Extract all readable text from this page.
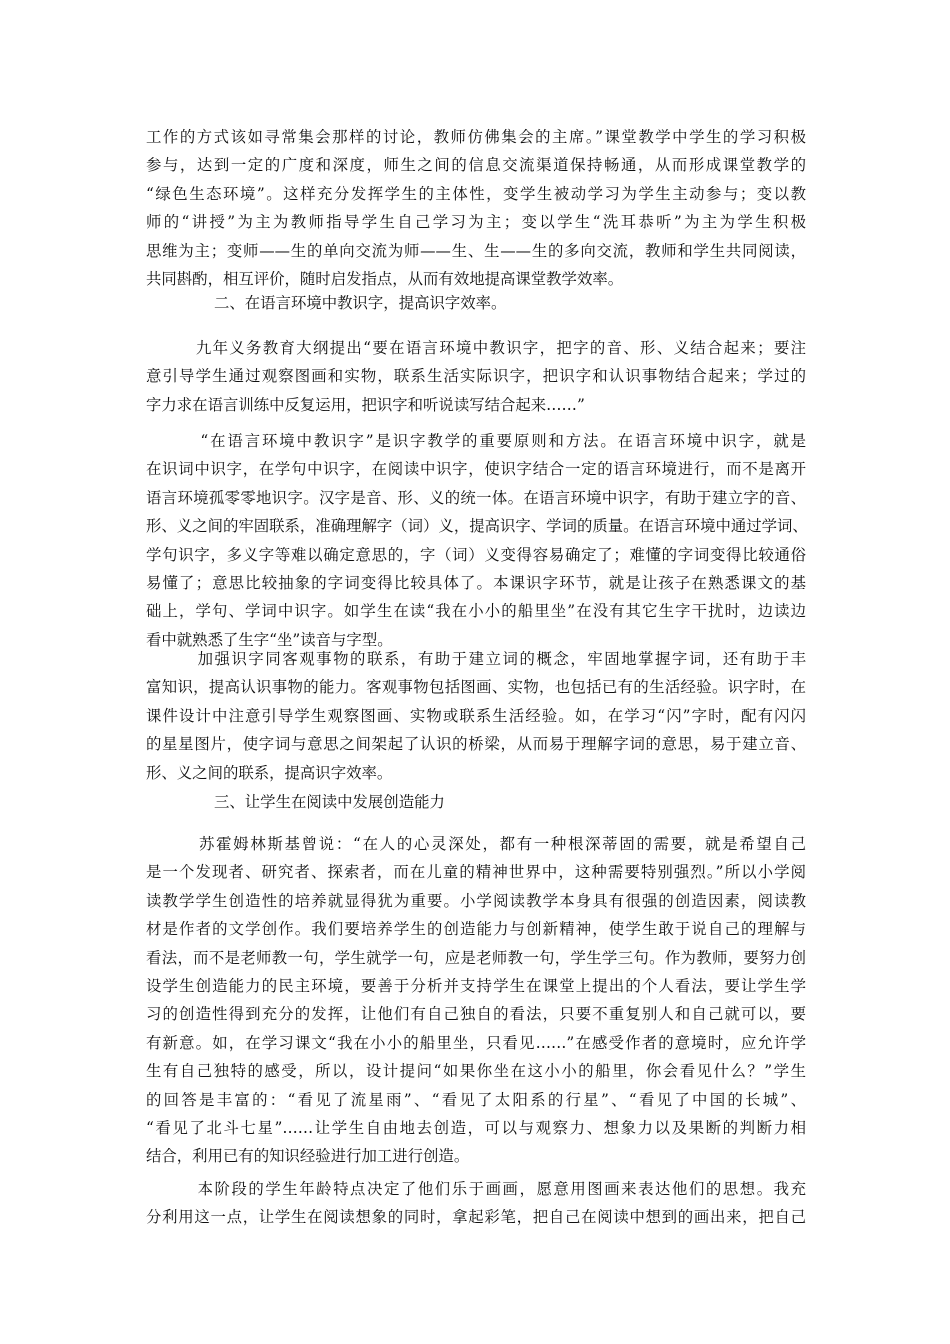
工作的方式该如寻常集会那样的讨论，教师仿佛集会的主席。”课堂教学中学生的学习积极
参与，达到一定的广度和深度，师生之间的信息交流渠道保持畅通，从而形成课堂教学的
“绿色生态环境”。这样充分发挥学生的主体性，变学生被动学习为学生主动参与；变以教
师的“讲授”为主为教师指导学生自己学习为主；变以学生“洗耳恭听”为主为学生积极
思维为主；变师——生的单向交流为师——生、生——生的多向交流，教师和学生共同阅读，
共同斟酌，相互评价，随时启发指点，从而有效地提高课堂教学效率。
二、在语言环境中教识字，提高识字效率。
九年义务教育大纲提出“要在语言环境中教识字，把字的音、形、义结合起来；要注
意引导学生通过观察图画和实物，联系生活实际识字，把识字和认识事物结合起来；学过的
字力求在语言训练中反复运用，把识字和听说读写结合起来……”
“在语言环境中教识字”是识字教学的重要原则和方法。在语言环境中识字，就是
在识词中识字，在学句中识字，在阅读中识字，使识字结合一定的语言环境进行，而不是离开
语言环境孤零零地识字。汉字是音、形、义的统一体。在语言环境中识字，有助于建立字的音、
形、义之间的牢固联系，准确理解字（词）义，提高识字、学词的质量。在语言环境中通过学词、
学句识字，多义字等难以确定意思的，字（词）义变得容易确定了；难懂的字词变得比较通俗
易懂了；意思比较抽象的字词变得比较具体了。本课识字环节，就是让孩子在熟悉课文的基
础上，学句、学词中识字。如学生在读“我在小小的船里坐”在没有其它生字干扰时，边读边
看中就熟悉了生字“坐”读音与字型。
加强识字同客观事物的联系，有助于建立词的概念，牢固地掌握字词，还有助于丰
富知识，提高认识事物的能力。客观事物包括图画、实物，也包括已有的生活经验。识字时，在
课件设计中注意引导学生观察图画、实物或联系生活经验。如，在学习“闪”字时，配有闪闪
的星星图片，使字词与意思之间架起了认识的桥梁，从而易于理解字词的意思，易于建立音、
形、义之间的联系，提高识字效率。
三、让学生在阅读中发展创造能力
苏霍姆林斯基曾说：“在人的心灵深处，都有一种根深蒂固的需要，就是希望自己
是一个发现者、研究者、探索者，而在儿童的精神世界中，这种需要特别强烈。”所以小学阅
读教学学生创造性的培养就显得犹为重要。小学阅读教学本身具有很强的创造因素，阅读教
材是作者的文学创作。我们要培养学生的创造能力与创新精神，使学生敢于说自己的理解与
看法，而不是老师教一句，学生就学一句，应是老师教一句，学生学三句。作为教师，要努力创
设学生创造能力的民主环境，要善于分析并支持学生在课堂上提出的个人看法，要让学生学
习的创造性得到充分的发挥，让他们有自己独自的看法，只要不重复别人和自己就可以，要
有新意。如，在学习课文“我在小小的船里坐，只看见……”在感受作者的意境时，应允许学
生有自己独特的感受，所以，设计提问“如果你坐在这小小的船里，你会看见什么？”学生
的回答是丰富的：“看见了流星雨”、“看见了太阳系的行星”、“看见了中国的长城”、
“看见了北斗七星”……让学生自由地去创造，可以与观察力、想象力以及果断的判断力相
结合，利用已有的知识经验进行加工进行创造。
本阶段的学生年龄特点决定了他们乐于画画，愿意用图画来表达他们的思想。我充
分利用这一点，让学生在阅读想象的同时，拿起彩笔，把自己在阅读中想到的画出来，把自己
